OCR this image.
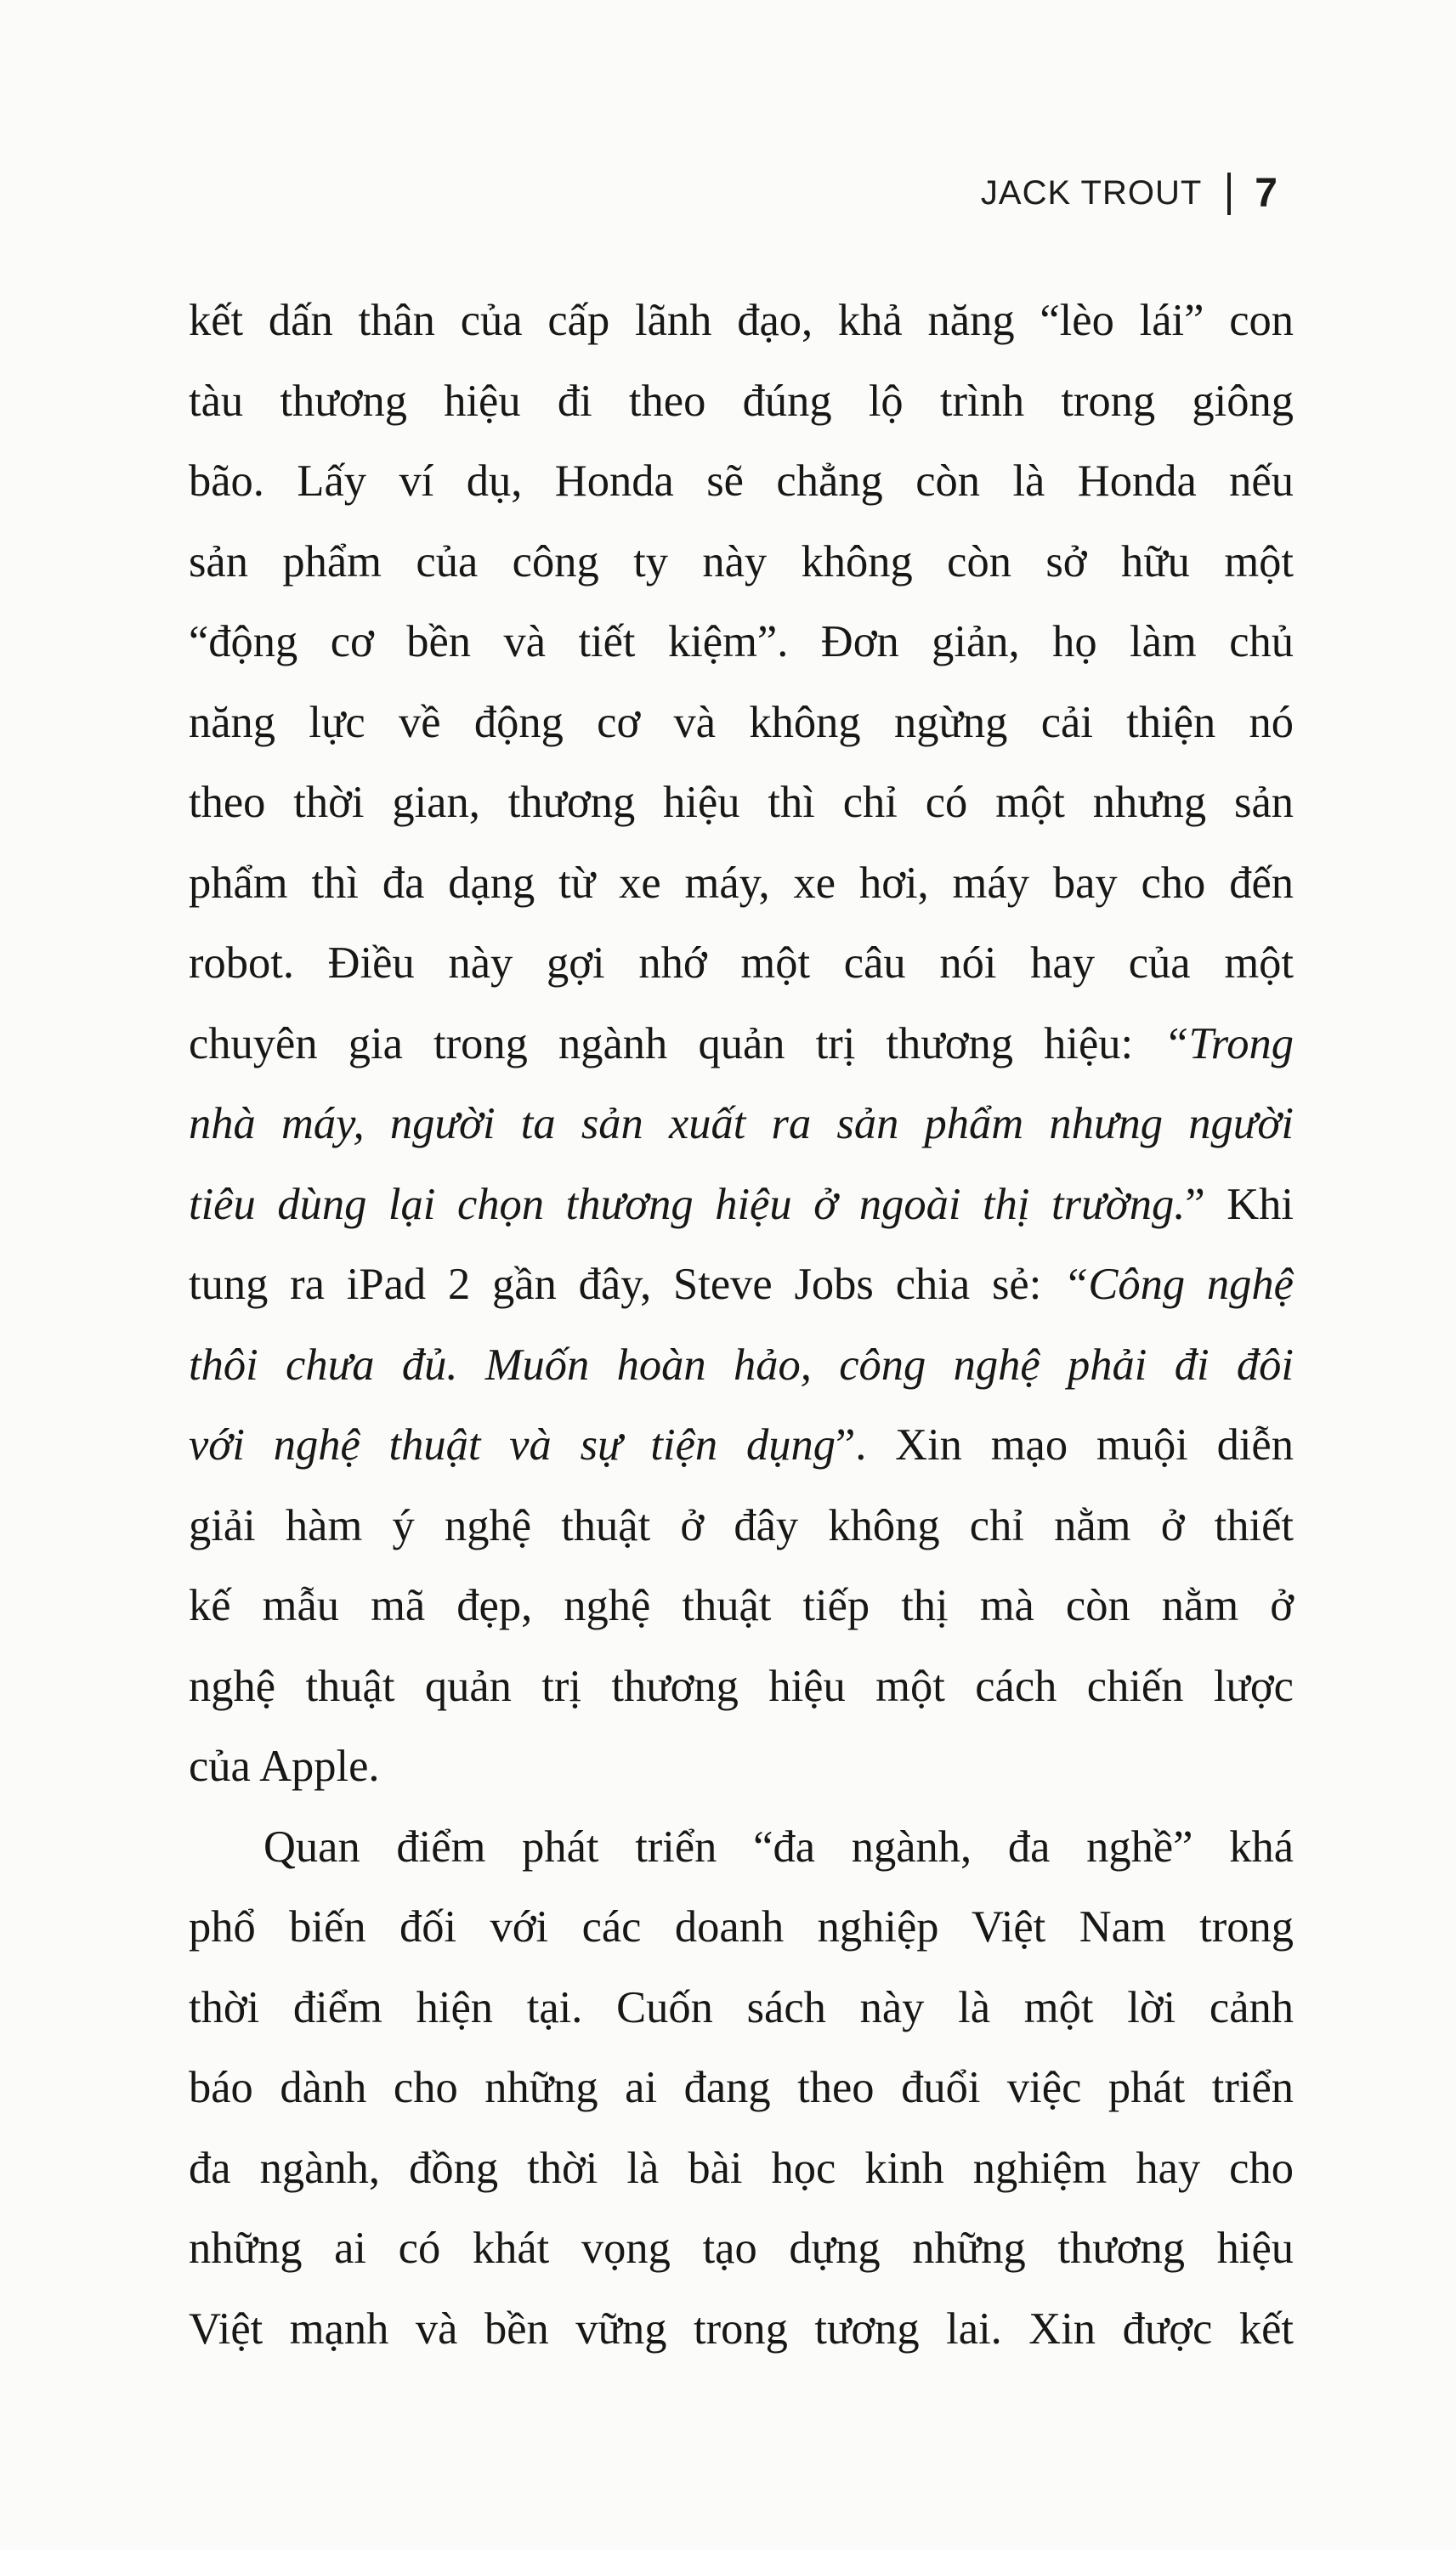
JACK TROUT 7
kết dấn thân của cấp lãnh đạo, khả năng “lèo lái” con
tàu thương hiệu đi theo đúng lộ trình trong giông
bão. Lấy ví dụ, Honda sẽ chẳng còn là Honda nếu
sản phẩm của công ty này không còn sở hữu một
“động cơ bền và tiết kiệm”. Đơn giản, họ làm chủ
năng lực về động cơ và không ngừng cải thiện nó
theo thời gian, thương hiệu thì chỉ có một nhưng sản
phẩm thì đa dạng từ xe máy, xe hơi, máy bay cho đến
robot. Điều này gợi nhớ một câu nói hay của một
chuyên gia trong ngành quản trị thương hiệu: “Trong
nhà máy, người ta sản xuất ra sản phẩm nhưng người
tiêu dùng lại chọn thương hiệu ở ngoài thị trường.” Khi
tung ra iPad 2 gần đây, Steve Jobs chia sẻ: “Công nghệ
thôi chưa đủ. Muốn hoàn hảo, công nghệ phải đi đôi
với nghệ thuật và sự tiện dụng”. Xin mạo muội diễn
giải hàm ý nghệ thuật ở đây không chỉ nằm ở thiết
kế mẫu mã đẹp, nghệ thuật tiếp thị mà còn nằm ở
nghệ thuật quản trị thương hiệu một cách chiến lược
của Apple.
Quan điểm phát triển “đa ngành, đa nghề” khá
phổ biến đối với các doanh nghiệp Việt Nam trong
thời điểm hiện tại. Cuốn sách này là một lời cảnh
báo dành cho những ai đang theo đuổi việc phát triển
đa ngành, đồng thời là bài học kinh nghiệm hay cho
những ai có khát vọng tạo dựng những thương hiệu
Việt mạnh và bền vững trong tương lai. Xin được kết
